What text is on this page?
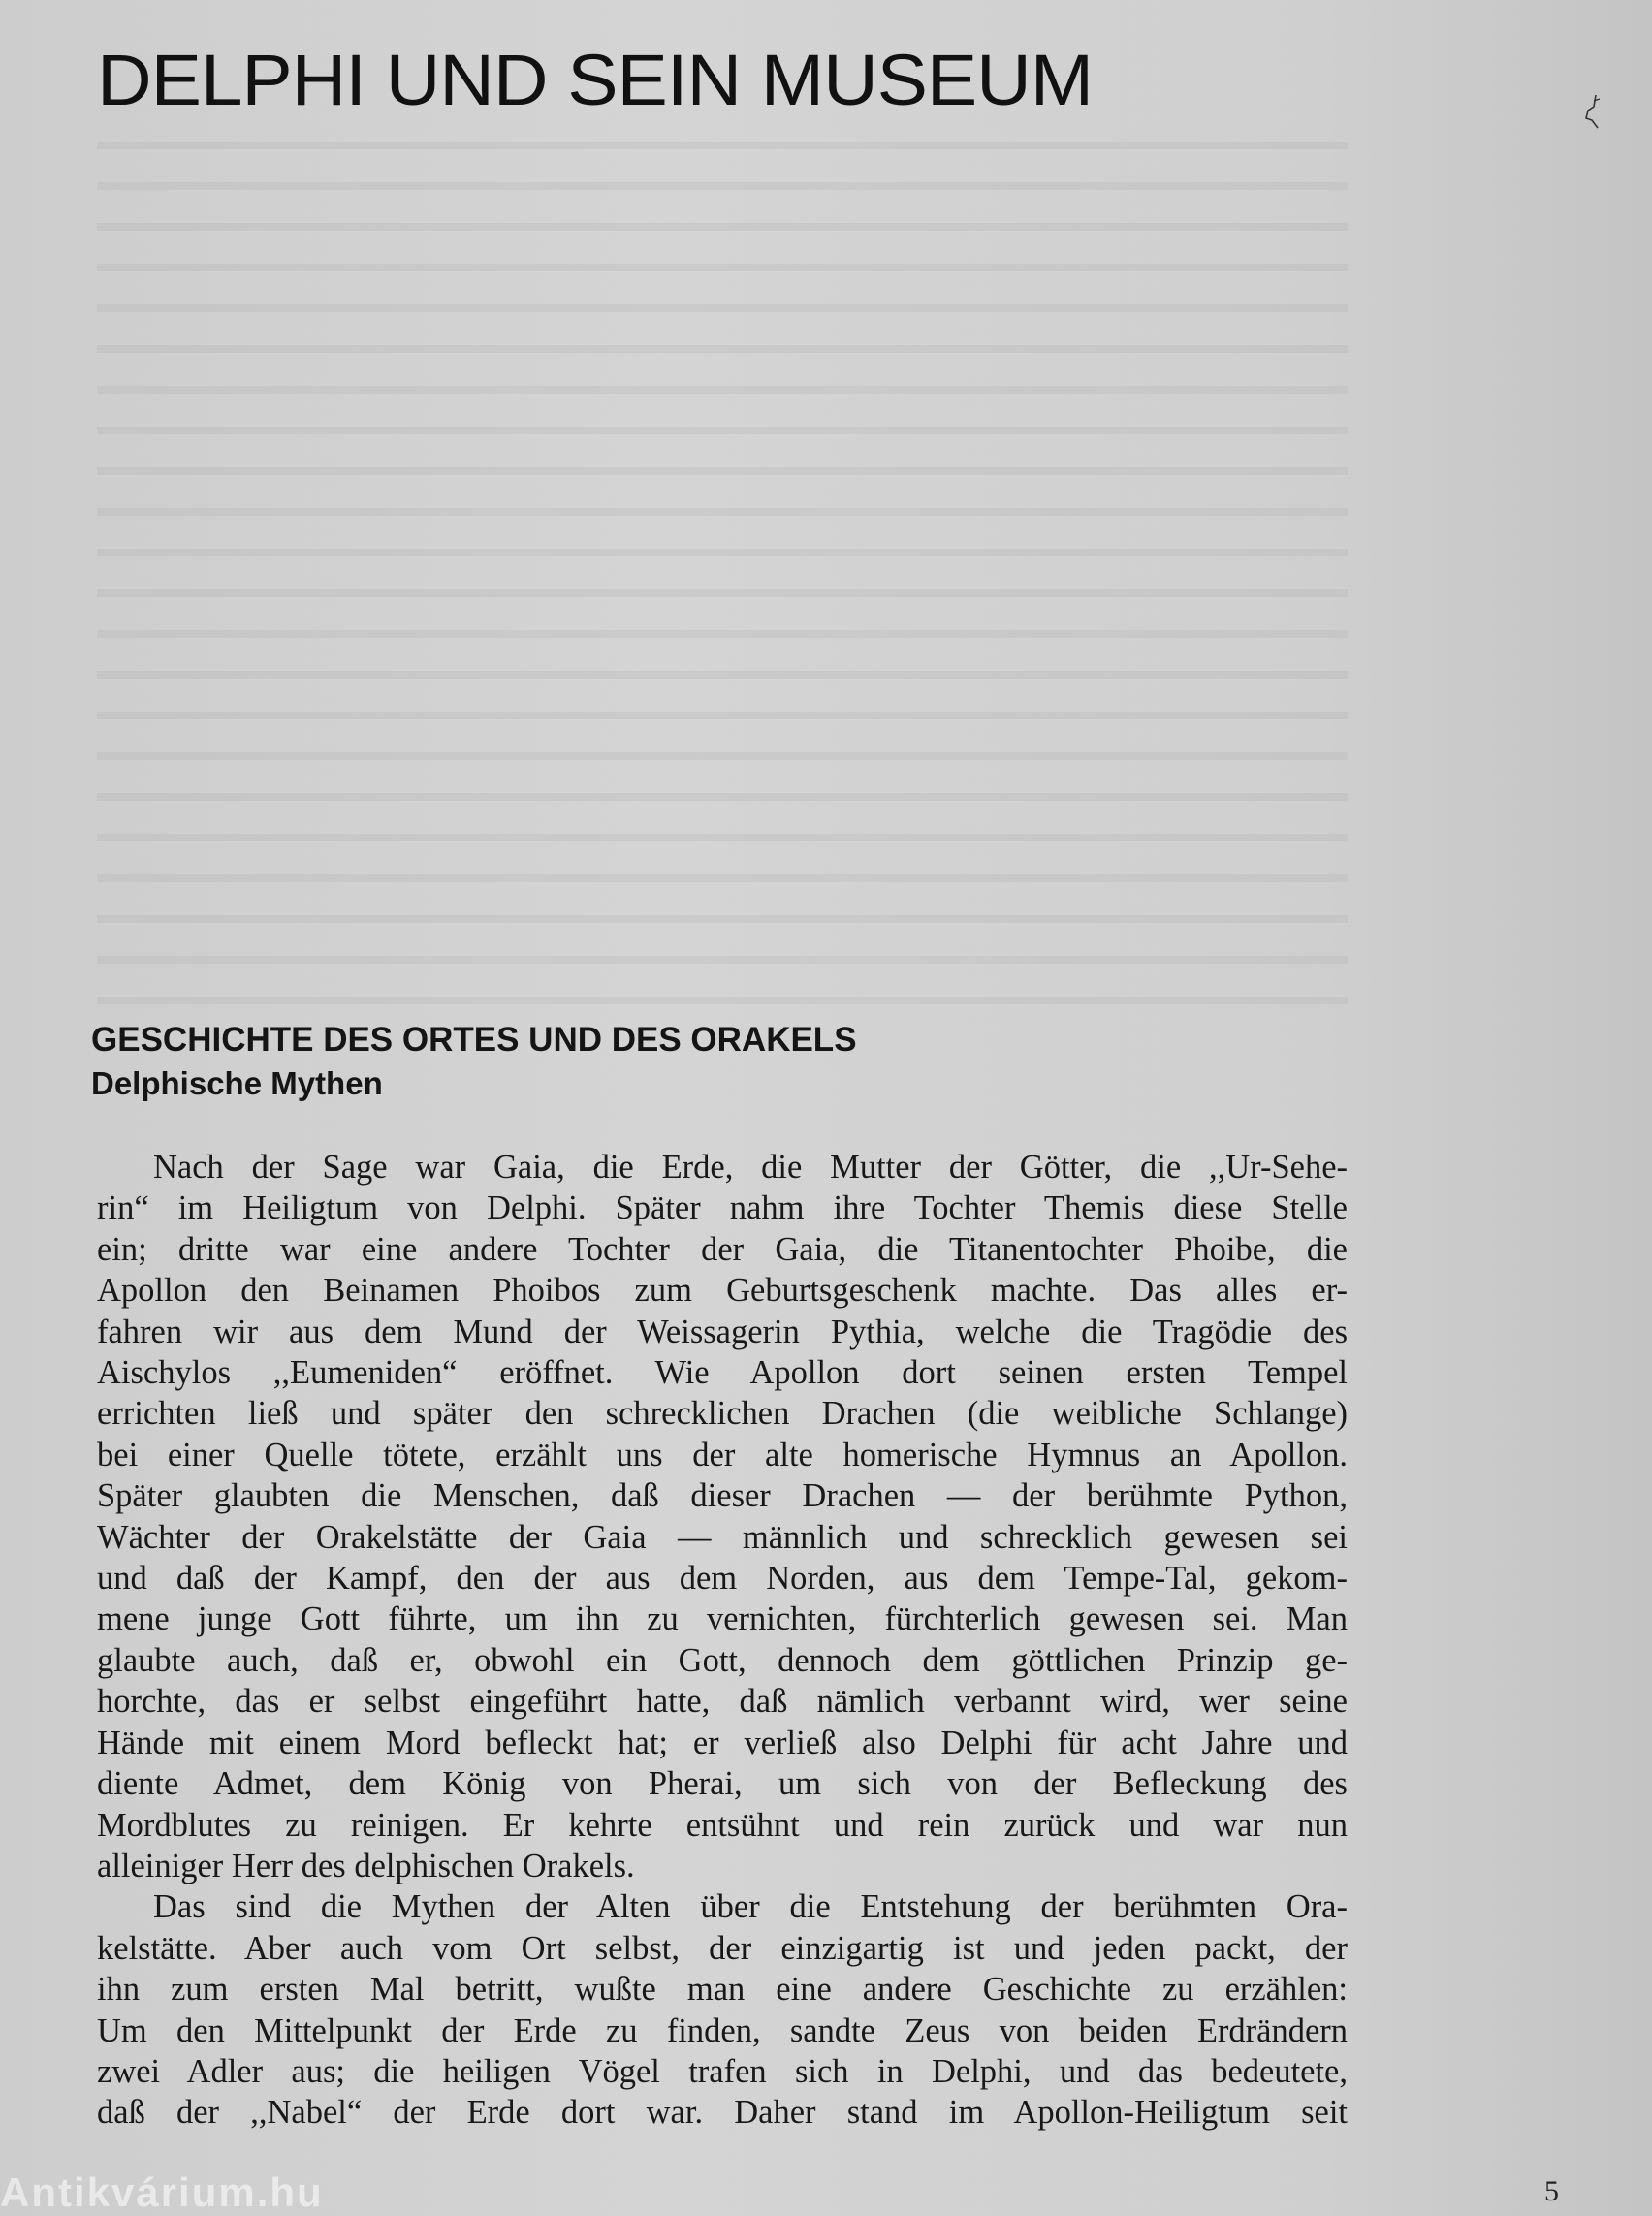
DELPHI UND SEIN MUSEUM
GESCHICHTE DES ORTES UND DES ORAKELS
Delphische Mythen

Nach der Sage war Gaia, die Erde, die Mutter der Götter, die ,,Ur-Sehe-
rin“ im Heiligtum von Delphi. Später nahm ihre Tochter Themis diese Stelle
ein; dritte war eine andere Tochter der Gaia, die Titanentochter Phoibe, die
Apollon den Beinamen Phoibos zum Geburtsgeschenk machte. Das alles er-
fahren wir aus dem Mund der Weissagerin Pythia, welche die Tragödie des
Aischylos ,,Eumeniden“ eröffnet. Wie Apollon dort seinen ersten Tempel
errichten ließ und später den schrecklichen Drachen (die weibliche Schlange)
bei einer Quelle tötete, erzählt uns der alte homerische Hymnus an Apollon.
Später glaubten die Menschen, daß dieser Drachen — der berühmte Python,
Wächter der Orakelstätte der Gaia — männlich und schrecklich gewesen sei
und daß der Kampf, den der aus dem Norden, aus dem Tempe-Tal, gekom-
mene junge Gott führte, um ihn zu vernichten, fürchterlich gewesen sei. Man
glaubte auch, daß er, obwohl ein Gott, dennoch dem göttlichen Prinzip ge-
horchte, das er selbst eingeführt hatte, daß nämlich verbannt wird, wer seine
Hände mit einem Mord befleckt hat; er verließ also Delphi für acht Jahre und
diente Admet, dem König von Pherai, um sich von der Befleckung des
Mordblutes zu reinigen. Er kehrte entsühnt und rein zurück und war nun
alleiniger Herr des delphischen Orakels.

Das sind die Mythen der Alten über die Entstehung der berühmten Ora-
kelstätte. Aber auch vom Ort selbst, der einzigartig ist und jeden packt, der
ihn zum ersten Mal betritt, wußte man eine andere Geschichte zu erzählen:
Um den Mittelpunkt der Erde zu finden, sandte Zeus von beiden Erdrändern
zwei Adler aus; die heiligen Vögel trafen sich in Delphi, und das bedeutete,
daß der ,,Nabel“ der Erde dort war. Daher stand im Apollon-Heiligtum seit

Antikvárium.hu	5
